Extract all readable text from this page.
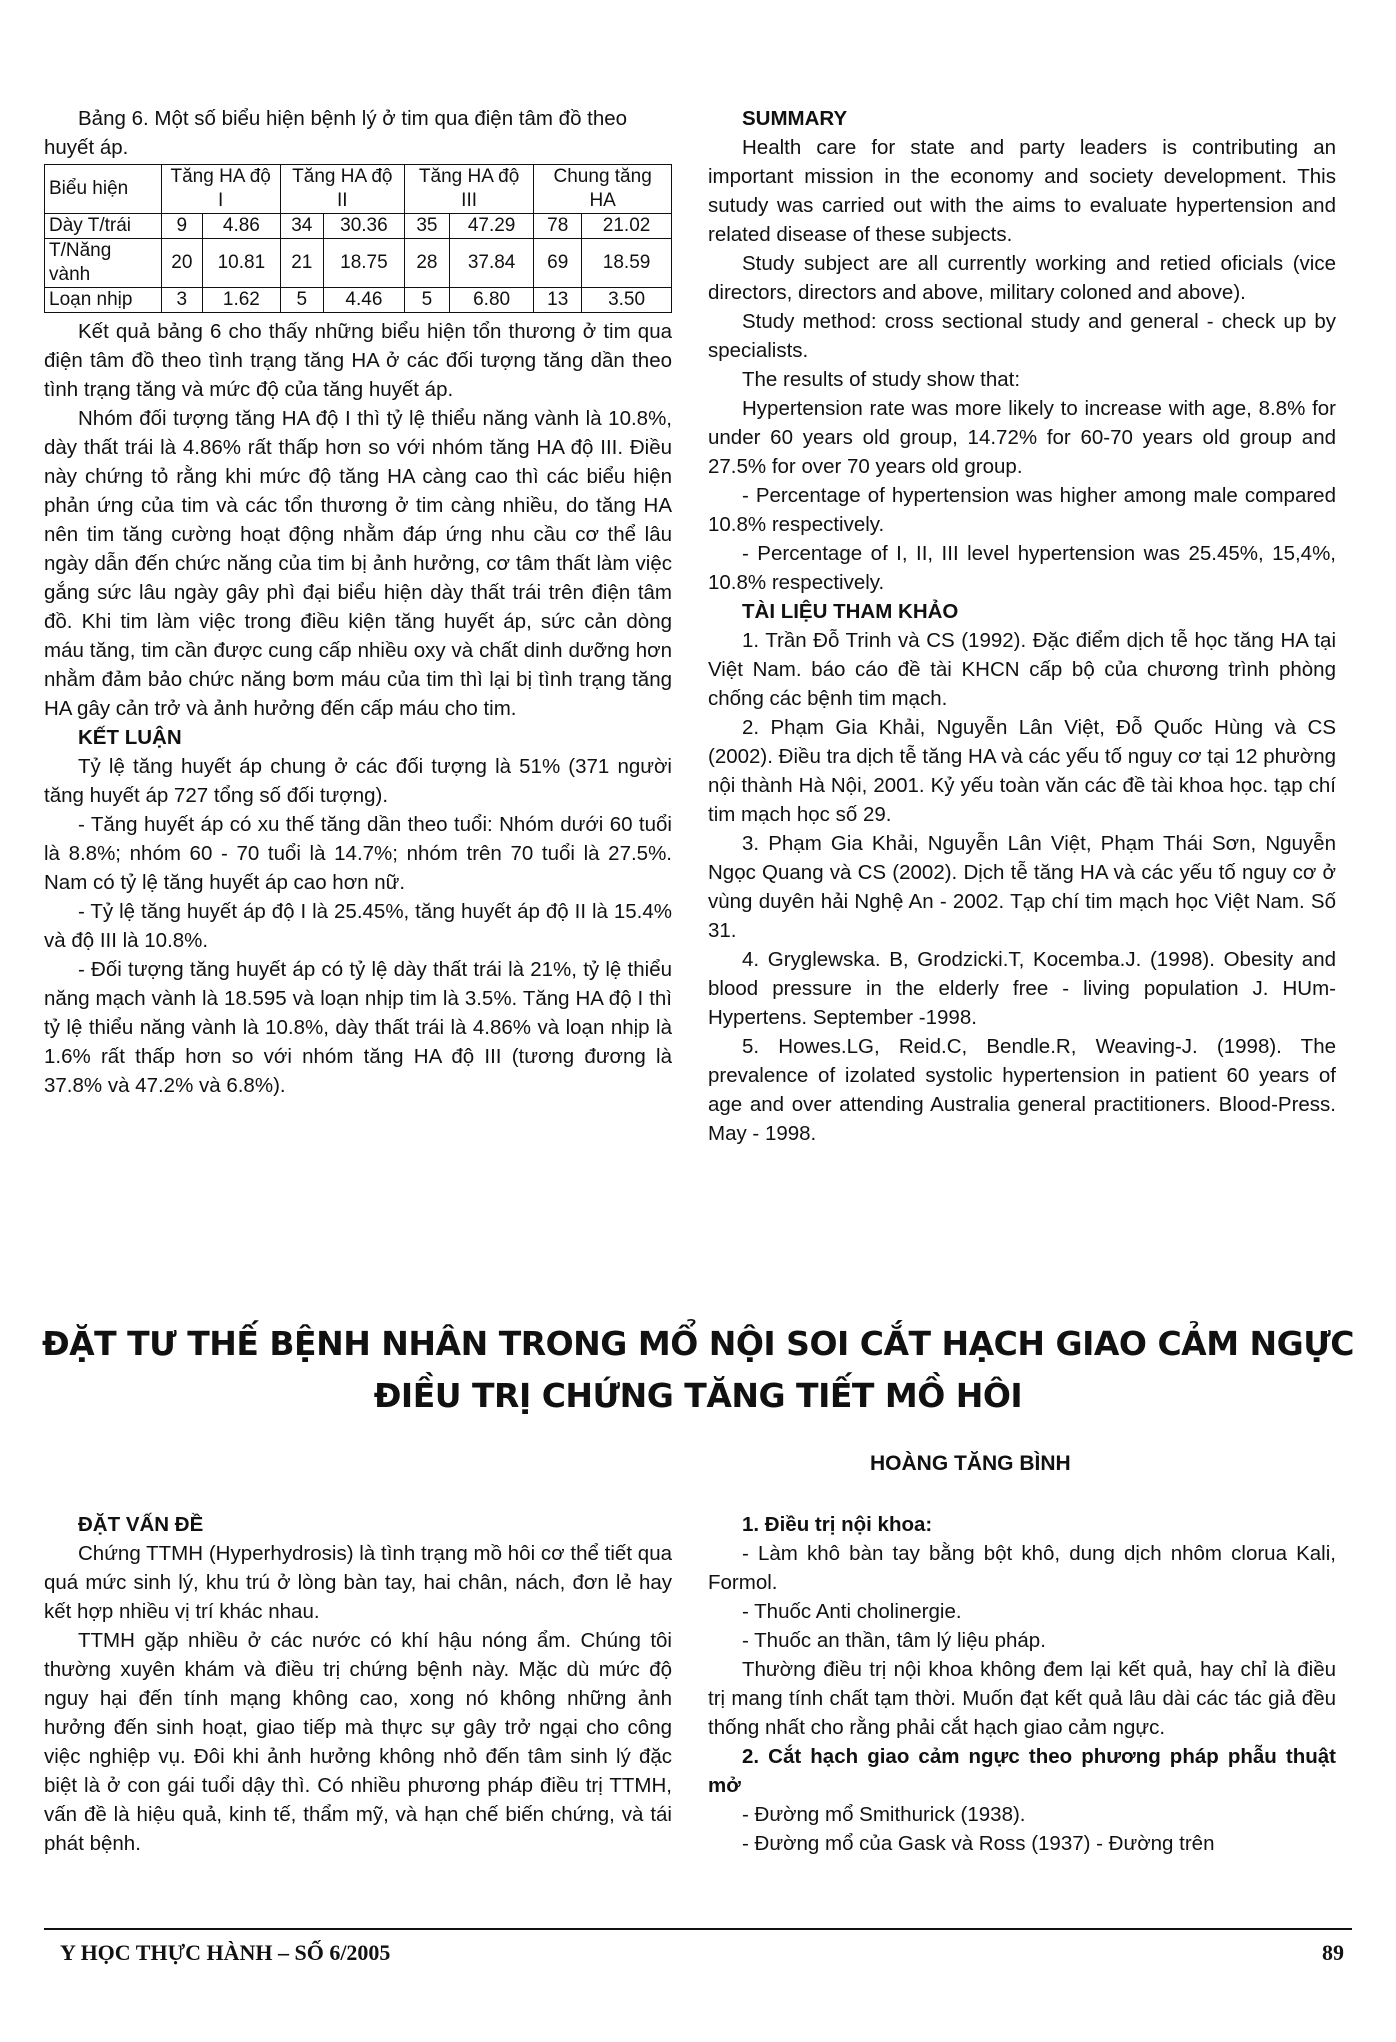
Bảng 6. Một số biểu hiện bệnh lý ở tim qua điện tâm đồ theo huyết áp.

Biểu hiện	Tăng HA độ I		Tăng HA độ II		Tăng HA độ III		Chung tăng HA	
Dày T/trái	9	4.86	34	30.36	35	47.29	78	21.02
T/Năng vành	20	10.81	21	18.75	28	37.84	69	18.59
Loạn nhịp	3	1.62	5	4.46	5	6.80	13	3.50

Kết quả bảng 6 cho thấy những biểu hiện tổn thương ở tim qua điện tâm đồ theo tình trạng tăng HA ở các đối tượng tăng dần theo tình trạng tăng và mức độ của tăng huyết áp.

Nhóm đối tượng tăng HA độ I thì tỷ lệ thiểu năng vành là 10.8%, dày thất trái là 4.86% rất thấp hơn so với nhóm tăng HA độ III. Điều này chứng tỏ rằng khi mức độ tăng HA càng cao thì các biểu hiện phản ứng của tim và các tổn thương ở tim càng nhiều, do tăng HA nên tim tăng cường hoạt động nhằm đáp ứng nhu cầu cơ thể lâu ngày dẫn đến chức năng của tim bị ảnh hưởng, cơ tâm thất làm việc gắng sức lâu ngày gây phì đại biểu hiện dày thất trái trên điện tâm đồ. Khi tim làm việc trong điều kiện tăng huyết áp, sức cản dòng máu tăng, tim cần được cung cấp nhiều oxy và chất dinh dưỡng hơn nhằm đảm bảo chức năng bơm máu của tim thì lại bị tình trạng tăng HA gây cản trở và ảnh hưởng đến cấp máu cho tim.

KẾT LUẬN

Tỷ lệ tăng huyết áp chung ở các đối tượng là 51% (371 người tăng huyết áp 727 tổng số đối tượng).

- Tăng huyết áp có xu thế tăng dần theo tuổi: Nhóm dưới 60 tuổi là 8.8%; nhóm 60 - 70 tuổi là 14.7%; nhóm trên 70 tuổi là 27.5%. Nam có tỷ lệ tăng huyết áp cao hơn nữ.

- Tỷ lệ tăng huyết áp độ I là 25.45%, tăng huyết áp độ II là 15.4% và độ III là 10.8%.

- Đối tượng tăng huyết áp có tỷ lệ dày thất trái là 21%, tỷ lệ thiểu năng mạch vành là 18.595 và loạn nhịp tim là 3.5%. Tăng HA độ I thì tỷ lệ thiểu năng vành là 10.8%, dày thất trái là 4.86% và loạn nhịp là 1.6% rất thấp hơn so với nhóm tăng HA độ III (tương đương là 37.8% và 47.2% và 6.8%).

SUMMARY

Health care for state and party leaders is contributing an important mission in the economy and society development. This sutudy was carried out with the aims to evaluate hypertension and related disease of these subjects.

Study subject are all currently working and retied oficials (vice directors, directors and above, military coloned and above).

Study method: cross sectional study and general - check up by specialists.

The results of study show that:

Hypertension rate was more likely to increase with age, 8.8% for under 60 years old group, 14.72% for 60-70 years old group and 27.5% for over 70 years old group.

- Percentage of hypertension was higher among male compared 10.8% respectively.

- Percentage of I, II, III level hypertension was 25.45%, 15,4%, 10.8% respectively.

TÀI LIỆU THAM KHẢO

1. Trần Đỗ Trinh và CS (1992). Đặc điểm dịch tễ học tăng HA tại Việt Nam. báo cáo đề tài KHCN cấp bộ của chương trình phòng chống các bệnh tim mạch.

2. Phạm Gia Khải, Nguyễn Lân Việt, Đỗ Quốc Hùng và CS (2002). Điều tra dịch tễ tăng HA và các yếu tố nguy cơ tại 12 phường nội thành Hà Nội, 2001. Kỷ yếu toàn văn các đề tài khoa học. tạp chí tim mạch học số 29.

3. Phạm Gia Khải, Nguyễn Lân Việt, Phạm Thái Sơn, Nguyễn Ngọc Quang và CS (2002). Dịch tễ tăng HA và các yếu tố nguy cơ ở vùng duyên hải Nghệ An - 2002. Tạp chí tim mạch học Việt Nam. Số 31.

4. Gryglewska. B, Grodzicki.T, Kocemba.J. (1998). Obesity and blood pressure in the elderly free - living population J. HUm-Hypertens. September -1998.

5. Howes.LG, Reid.C, Bendle.R, Weaving-J. (1998). The prevalence of izolated systolic hypertension in patient 60 years of age and over attending Australia general practitioners. Blood-Press. May - 1998.

ĐẶT TƯ THẾ BỆNH NHÂN TRONG MỔ NỘI SOI CẮT HẠCH GIAO CẢM NGỰC
ĐIỀU TRỊ CHỨNG TĂNG TIẾT MỒ HÔI
HOÀNG TĂNG BÌNH

ĐẶT VẤN ĐỀ

Chứng TTMH (Hyperhydrosis) là tình trạng mồ hôi cơ thể tiết qua quá mức sinh lý, khu trú ở lòng bàn tay, hai chân, nách, đơn lẻ hay kết hợp nhiều vị trí khác nhau.

TTMH gặp nhiều ở các nước có khí hậu nóng ẩm. Chúng tôi thường xuyên khám và điều trị chứng bệnh này. Mặc dù mức độ nguy hại đến tính mạng không cao, xong nó không những ảnh hưởng đến sinh hoạt, giao tiếp mà thực sự gây trở ngại cho công việc nghiệp vụ. Đôi khi ảnh hưởng không nhỏ đến tâm sinh lý đặc biệt là ở con gái tuổi dậy thì. Có nhiều phương pháp điều trị TTMH, vấn đề là hiệu quả, kinh tế, thẩm mỹ, và hạn chế biến chứng, và tái phát bệnh.

1. Điều trị nội khoa:

- Làm khô bàn tay bằng bột khô, dung dịch nhôm clorua Kali, Formol.

- Thuốc Anti cholinergie.

- Thuốc an thần, tâm lý liệu pháp.

Thường điều trị nội khoa không đem lại kết quả, hay chỉ là điều trị mang tính chất tạm thời. Muốn đạt kết quả lâu dài các tác giả đều thống nhất cho rằng phải cắt hạch giao cảm ngực.

2. Cắt hạch giao cảm ngực theo phương pháp phẫu thuật mở

- Đường mổ Smithurick (1938).

- Đường mổ của Gask và Ross (1937) - Đường trên

Y HỌC THỰC HÀNH – SỐ 6/2005	89
